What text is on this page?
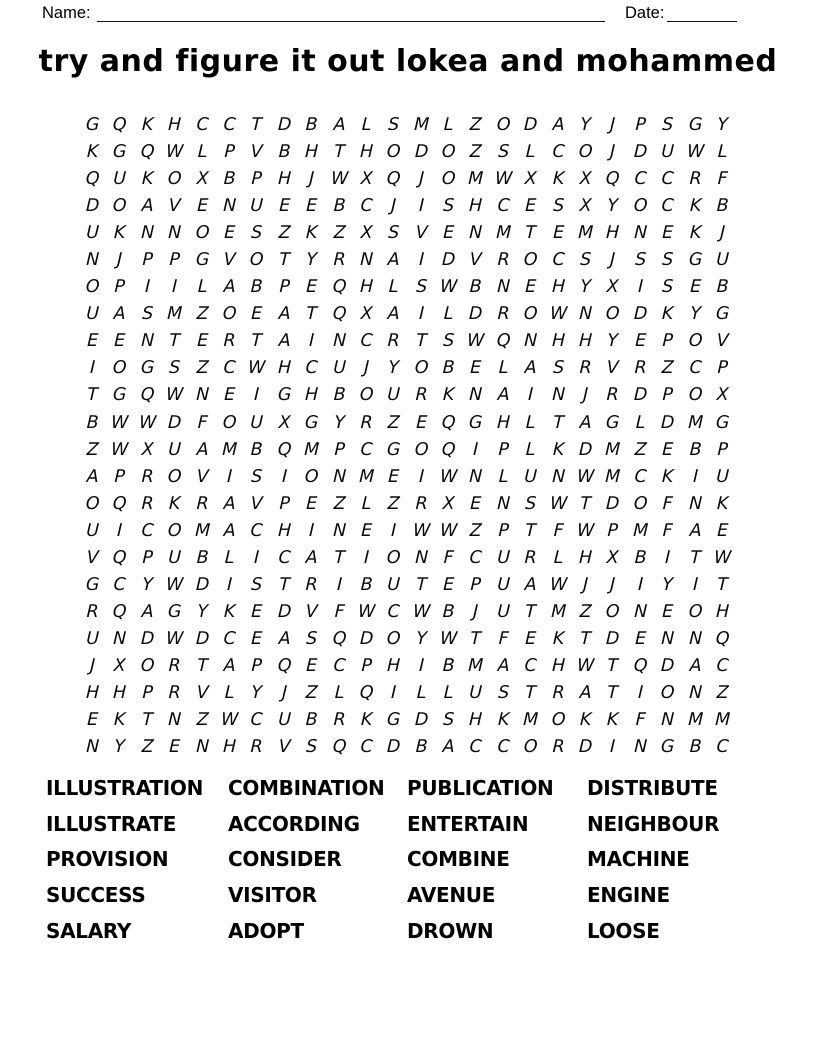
Name:	Date:
try and figure it out lokea and mohammed
G Q K H C C T D B A L S M L Z O D A Y	J	P S G Y
K G Q W L P V B H T H O D O Z S L C O J D U W L
Q U K O X B P H	J W X Q J O M W X K X Q C C R F
D O A V E N U E E B C	J	I	S H C E S X Y O C K B
U K N N O E S Z K Z X S V E N M T E M H N E K	J
N	J	P P G V O T Y R N A	I D V R O C S	J	S S G U
O P	I	I	L A B P E Q H L S W B N E H Y X	I	S E B
U A S M Z O E A T Q X A	I	L D R O W N O D K Y G
E E N T E R T A	I	N C R T S W Q N H H Y E P O V
I O G S Z C W H C U	J	Y O B E L A S R V R Z C P
T G Q W N E	I G H B O U R K N A	I	N	J	R D P O X
B W W D F O U X G Y R Z E Q G H L T A G L D M G
Z W X U A M B Q M P C G O Q I	P L K D M Z E B P
A P R O V	I	S	I O N M E	I W N L U N W M C K	I	U
O Q R K R A V P E Z L Z R X E N S W T D O F N K
U	I	C O M A C H	I	N E	I W W Z P T F W P M F A E
V Q P U B L	I	C A T	I O N F C U R L H X B	I	T W
G C Y W D I	S T R	I	B U T E P U A W J	J	I	Y	I	T
R Q A G Y K E D V F W C W B	J	U T M Z O N E O H
U N D W D C E A S Q D O Y W T F E K T D E N N Q
J	X O R T A P Q E C P H	I	B M A C H W T Q D A C
H H P R V L Y	J	Z L Q I	L L U S T R A T	I O N Z
E K T N Z W C U B R K G D S H K M O K K F N M M
N Y Z E N H R V S Q C D B A C C O R D I	N G B C
ILLUSTRATION	COMBINATION	PUBLICATION	DISTRIBUTE
ILLUSTRATE	ACCORDING	ENTERTAIN	NEIGHBOUR
PROVISION	CONSIDER	COMBINE	MACHINE
SUCCESS	VISITOR	AVENUE	ENGINE
SALARY	ADOPT	DROWN	LOOSE
